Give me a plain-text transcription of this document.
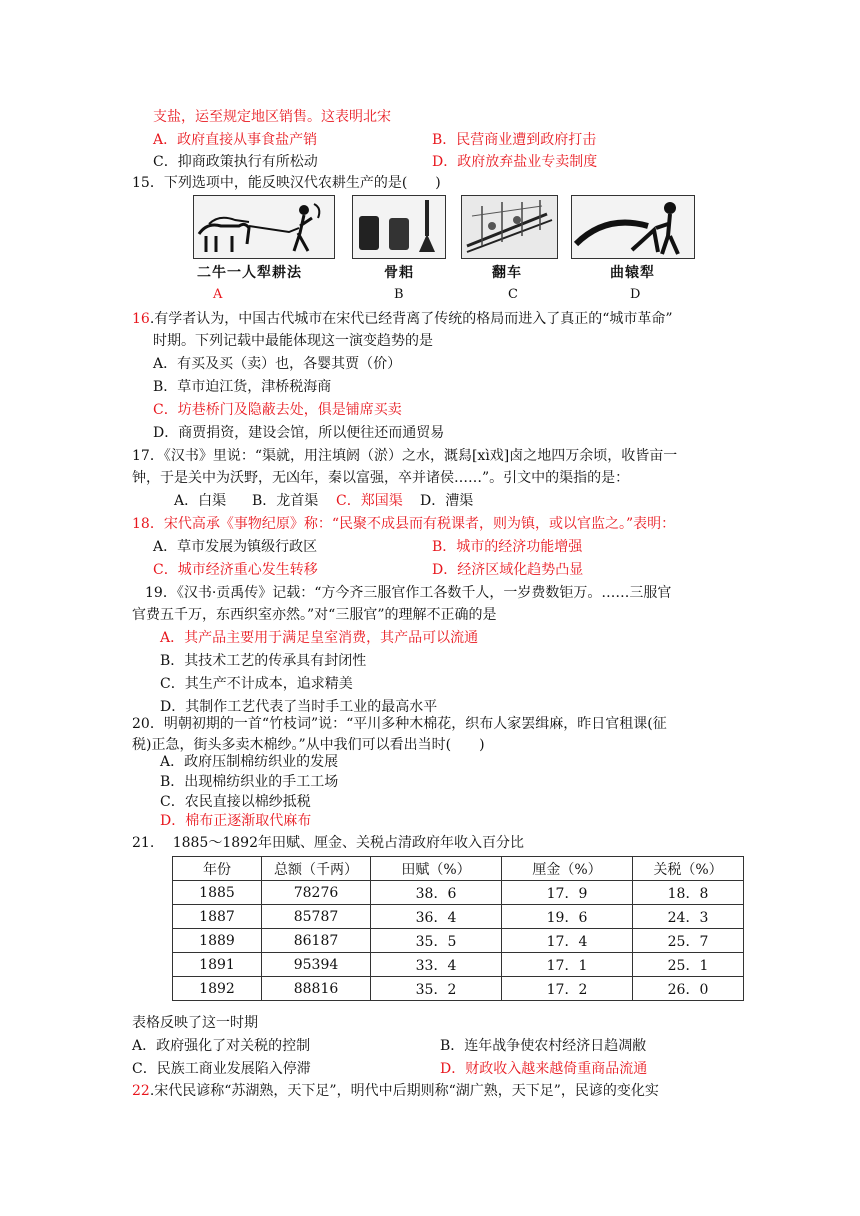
支盐，运至规定地区销售。这表明北宋
A．政府直接从事食盐产销	B．民营商业遭到政府打击
C．抑商政策执行有所松动	D．政府放弃盐业专卖制度
15．下列选项中，能反映汉代农耕生产的是(　　)
二牛一人犁耕法	骨耜	翻车	曲辕犁
A	B	C	D
16.有学者认为，中国古代城市在宋代已经背离了传统的格局而进入了真正的“城市革命”
时期。下列记载中最能体现这一演变趋势的是
A．有买及买（卖）也，各婴其贾（价）
B．草市迫江货，津桥税海商
C．坊巷桥门及隐蔽去处，俱是铺席买卖
D．商贾捐资，建设会馆，所以便往还而通贸易
17．《汉书》里说：“渠就，用注填阏（淤）之水，溉舄[xì戏]卤之地四万余顷，收皆亩一
钟，于是关中为沃野，无凶年，秦以富强，卒并诸侯……”。引文中的渠指的是：
A．白渠 B．龙首渠 C．郑国渠 D．漕渠
18．宋代高承《事物纪原》称：“民聚不成县而有税课者，则为镇，或以官监之。”表明：
A．草市发展为镇级行政区	B．城市的经济功能增强
C．城市经济重心发生转移	D．经济区域化趋势凸显
19．《汉书·贡禹传》记载：“方今齐三服官作工各数千人，一岁费数钜万。……三服官
官费五千万，东西织室亦然。”对“三服官”的理解不正确的是
A．其产品主要用于满足皇室消费，其产品可以流通
B．其技术工艺的传承具有封闭性
C．其生产不计成本，追求精美
D．其制作工艺代表了当时手工业的最高水平
20．明朝初期的一首“竹枝词”说：“平川多种木棉花，织布人家罢缉麻，昨日官租课(征
税)正急，街头多卖木棉纱。”从中我们可以看出当时(　　)
A．政府压制棉纺织业的发展
B．出现棉纺织业的手工工场
C．农民直接以棉纱抵税
D．棉布正逐渐取代麻布
21.　 1885～1892年田赋、厘金、关税占清政府年收入百分比
年份	总额（千两）	田赋（%）	厘金（%）	关税（%）
1885	78276	38．6	17．9	18．8
1887	85787	36．4	19．6	24．3
1889	86187	35．5	17．4	25．7
1891	95394	33．4	17．1	25．1
1892	88816	35．2	17．2	26．0
表格反映了这一时期
A．政府强化了对关税的控制	B．连年战争使农村经济日趋凋敝
C．民族工商业发展陷入停滞	D．财政收入越来越倚重商品流通
22.宋代民谚称“苏湖熟，天下足”，明代中后期则称“湖广熟，天下足”，民谚的变化实
